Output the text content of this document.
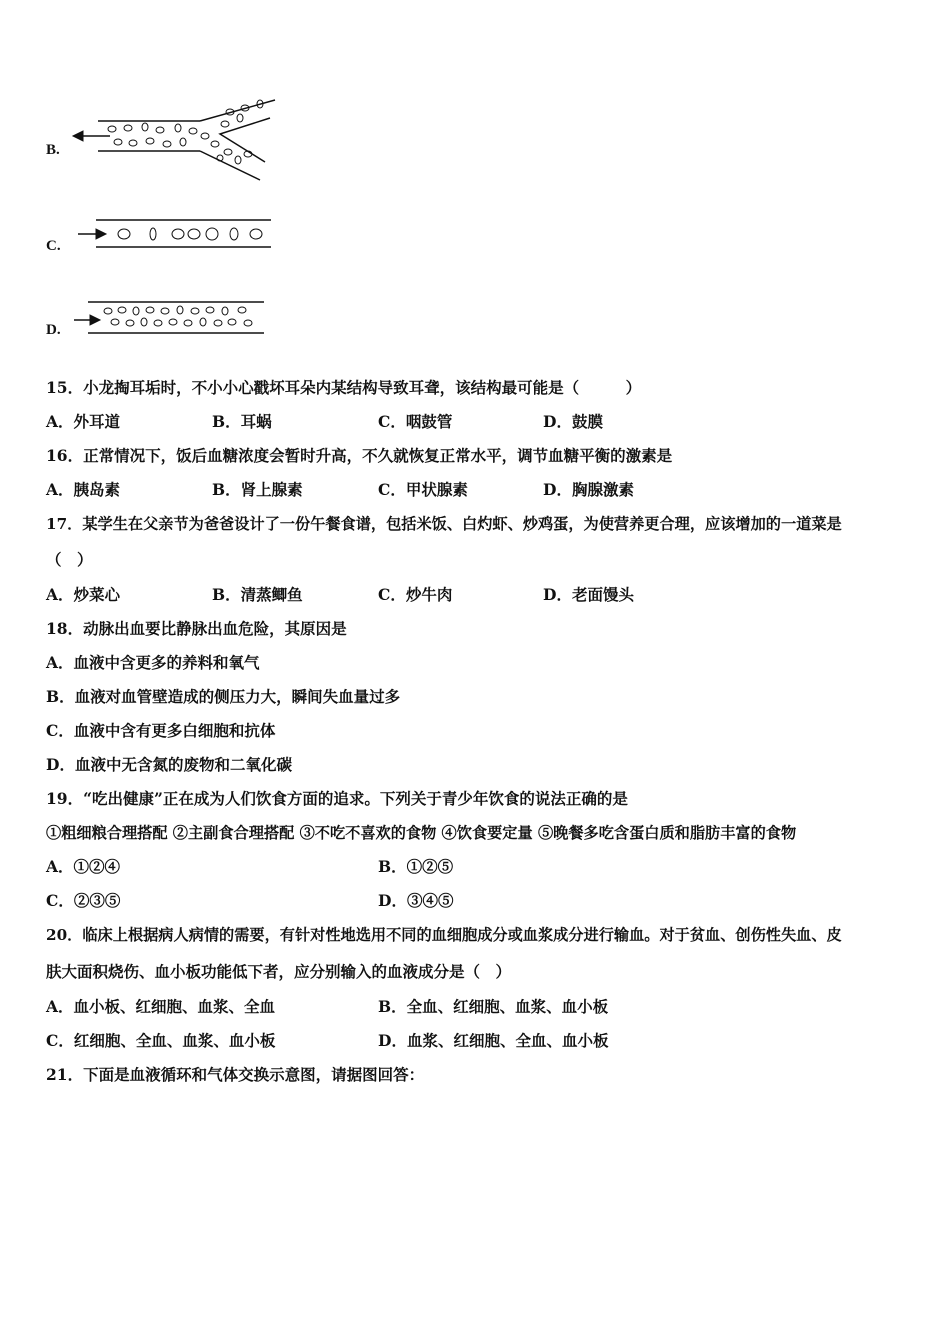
B.
C.
D.
15．小龙掏耳垢时，不小小心戳坏耳朵内某结构导致耳聋，该结构最可能是（　　　）
A．外耳道	B．耳蜗	C．咽鼓管	D．鼓膜
16．正常情况下，饭后血糖浓度会暂时升高，不久就恢复正常水平，调节血糖平衡的激素是
A．胰岛素	B．肾上腺素	C．甲状腺素	D．胸腺激素
17．某学生在父亲节为爸爸设计了一份午餐食谱，包括米饭、白灼虾、炒鸡蛋，为使营养更合理，应该增加的一道菜是
（　）
A．炒菜心	B．清蒸鲫鱼	C．炒牛肉	D．老面馒头
18．动脉出血要比静脉出血危险，其原因是
A．血液中含更多的养料和氧气
B．血液对血管壁造成的侧压力大，瞬间失血量过多
C．血液中含有更多白细胞和抗体
D．血液中无含氮的废物和二氧化碳
19．“吃出健康”正在成为人们饮食方面的追求。下列关于青少年饮食的说法正确的是
①粗细粮合理搭配 ②主副食合理搭配 ③不吃不喜欢的食物 ④饮食要定量 ⑤晚餐多吃含蛋白质和脂肪丰富的食物
A．①②④	B．①②⑤
C．②③⑤	D．③④⑤
20．临床上根据病人病情的需要，有针对性地选用不同的血细胞成分或血浆成分进行输血。对于贫血、创伤性失血、皮
肤大面积烧伤、血小板功能低下者，应分别输入的血液成分是（　）
A．血小板、红细胞、血浆、全血	B．全血、红细胞、血浆、血小板
C．红细胞、全血、血浆、血小板	D．血浆、红细胞、全血、血小板
21．下面是血液循环和气体交换示意图，请据图回答：
